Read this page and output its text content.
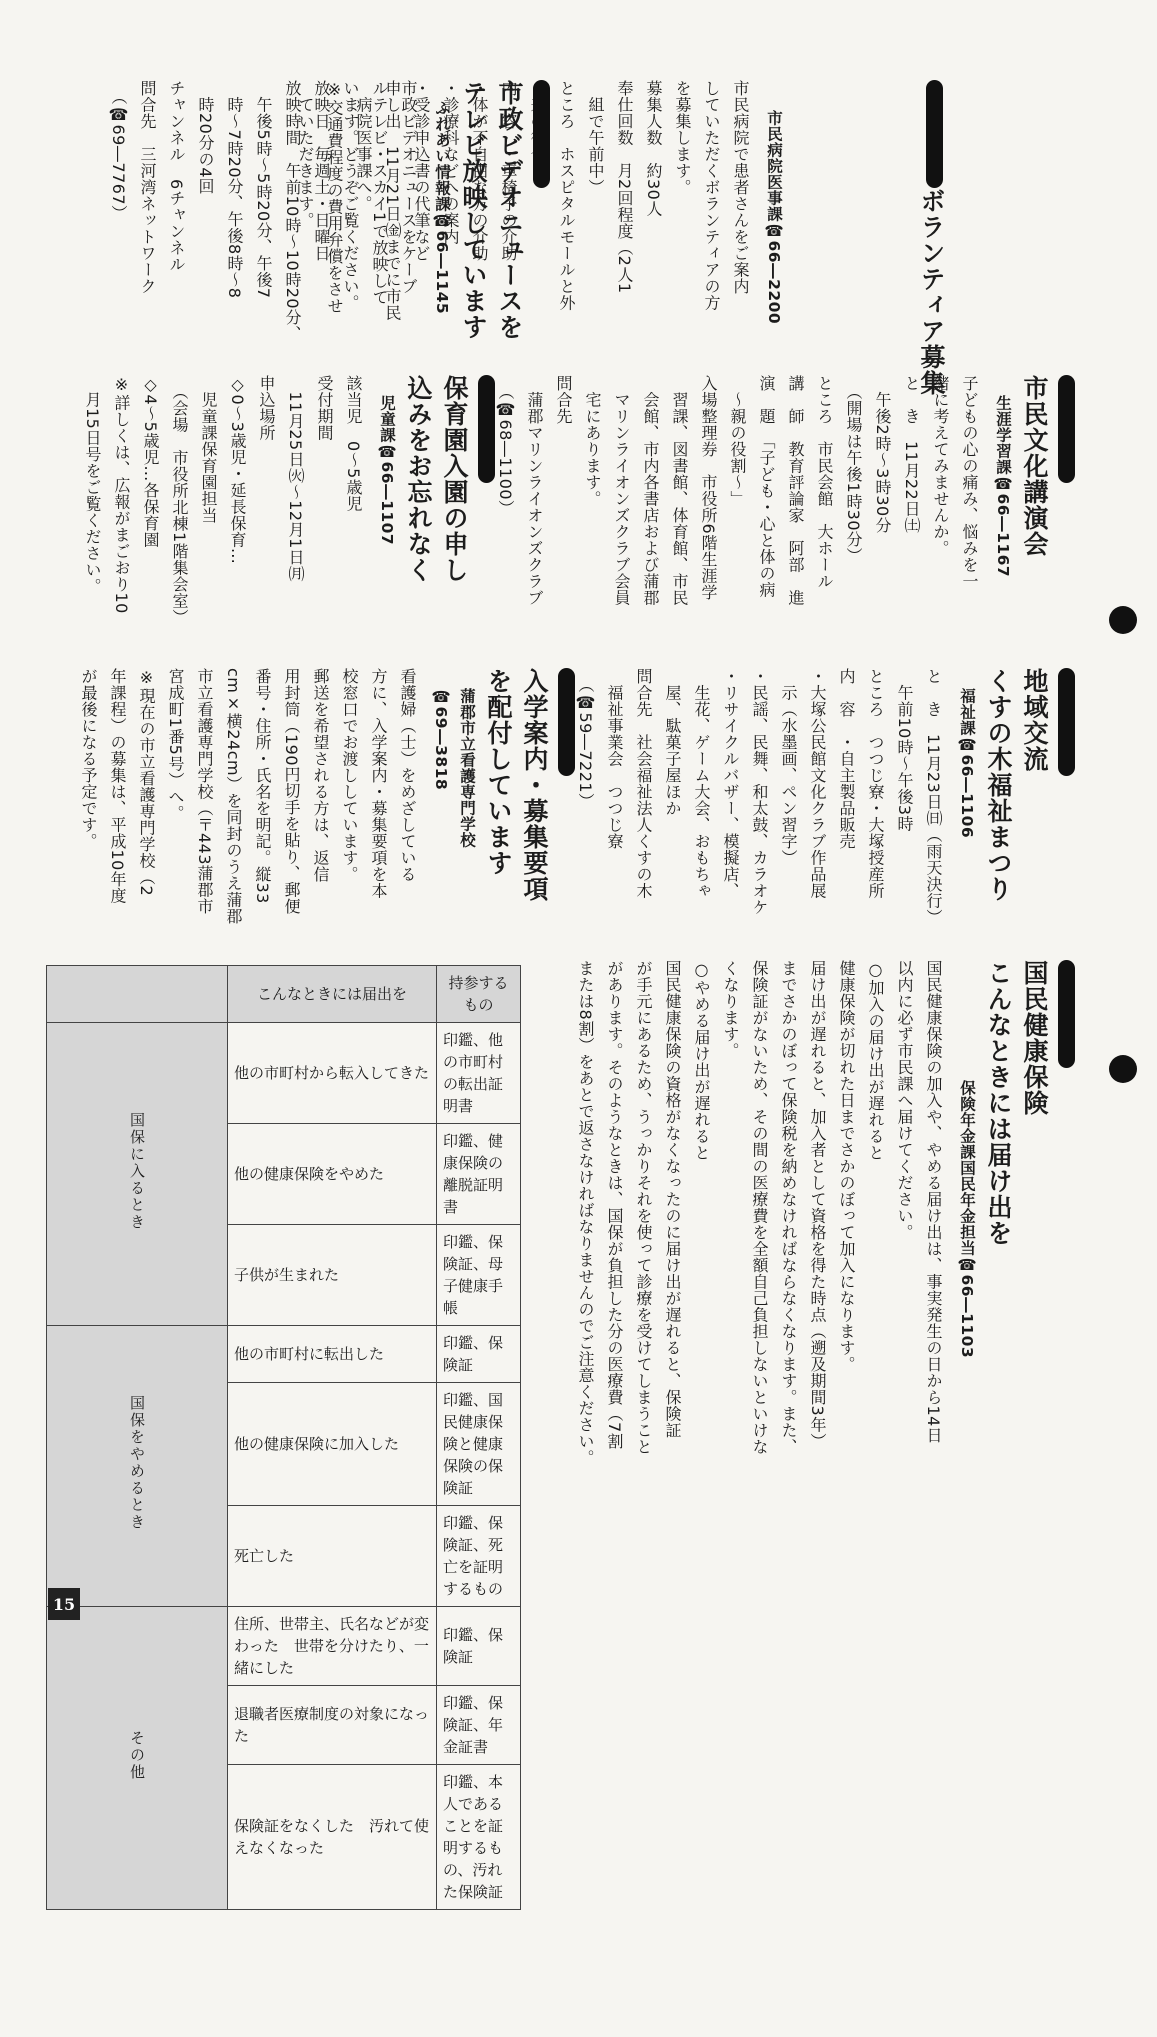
ボランティア募集
市民病院医事課☎66―2200
市民病院で患者さんをご案内
していただくボランティアの方
を募集します。
募集人数　約30人
奉仕回数　月2回程度（2人1
　組で午前中）
ところ　ホスピタルモールと外
内　容　・車椅子の介助
・体が不自由な方の介助
・診療科などへの案内
・受診申込書の代筆など
申し出　11月21日㈮までに市民
　病院医事課へ。
※交通費程度の費用弁償をさせ
　ていただきます。	市政ビデオニュースを
テレビ放映しています
ふれあい情報課☎66―1145
市政ビデオニュースをケーブ
ルテレビ・スカイ1で放映して
います。どうぞご覧ください。
放映日　毎週土・日曜日
放映時間　午前10時～10時20分、
　午後5時～5時20分、午後7
　時～7時20分、午後8時～8
　時20分の4回
チャンネル　6チャンネル
問合先　三河湾ネットワーク
　（☎69―7767）
市民文化講演会
生涯学習課☎66―1167
子どもの心の痛み、悩みを一
緒に考えてみませんか。
と　き　11月22日㈯
　午後2時～3時30分
　（開場は午後1時30分）
ところ　市民会館　大ホール
講　師　教育評論家　阿部　進
演　題　「子ども・心と体の病
　～親の役割～」
入場整理券　市役所6階生涯学
　習課、図書館、体育館、市民
　会館、市内各書店および蒲郡
　マリンライオンズクラブ会員
　宅にあります。
問合先
　蒲郡マリンライオンズクラブ
　（☎68―1100）
保育園入園の申し
込みをお忘れなく
児童課☎66―1107
該当児　0～5歳児
受付期間
　11月25日㈫～12月1日㈪
申込場所
◇0～3歳児・延長保育…
　児童課保育園担当
　（会場　市役所北棟1階集会室）
◇4～5歳児…各保育園
※詳しくは、広報がまごおり10
　月15日号をご覧ください。
地域交流
くすの木福祉まつり
福祉課☎66―1106
と　き　11月23日㈰（雨天決行）
　午前10時～午後3時
ところ　つつじ寮・大塚授産所
内　容　・自主製品販売
・大塚公民館文化クラブ作品展
　示（水墨画、ペン習字）
・民謡、民舞、和太鼓、カラオケ
・リサイクルバザー、模擬店、
　生花、ゲーム大会、おもちゃ
　屋、駄菓子屋ほか
問合先　社会福祉法人くすの木
　福祉事業会　つつじ寮
　（☎59―7221）
入学案内・募集要項
を配付しています
蒲郡市立看護専門学校
☎69―3818
看護婦（士）をめざしている
方に、入学案内・募集要項を本
校窓口でお渡ししています。
郵送を希望される方は、返信
用封筒（190円切手を貼り、郵便
番号・住所・氏名を明記。縦33
cm×横24cm）を同封のうえ蒲郡
市立看護専門学校（〒443蒲郡市
宮成町1番5号）へ。
※現在の市立看護専門学校（2
年課程）の募集は、平成10年度
が最後になる予定です。
国民健康保険
こんなときには届け出を
保険年金課国民年金担当☎66―1103
国民健康保険の加入や、やめる届け出は、事実発生の日から14日
以内に必ず市民課へ届けてください。
○加入の届け出が遅れると
健康保険が切れた日までさかのぼって加入になります。
届け出が遅れると、加入者として資格を得た時点（遡及期間3年）
までさかのぼって保険税を納めなければならなくなります。また、
保険証がないため、その間の医療費を全額自己負担しないといけな
くなります。
○やめる届け出が遅れると
国民健康保険の資格がなくなったのに届け出が遅れると、保険証
が手元にあるため、うっかりそれを使って診療を受けてしまうこと
があります。そのようなときは、国保が負担した分の医療費（7割
または8割）をあとで返さなければなりませんのでご注意ください。
	こんなときには届出を	持参するもの
国保に入るとき	他の市町村から転入してきた	印鑑、他の市町村の転出証明書
	他の健康保険をやめた	印鑑、健康保険の離脱証明書
	子供が生まれた	印鑑、保険証、母子健康手帳
国保をやめるとき	他の市町村に転出した	印鑑、保険証
	他の健康保険に加入した	印鑑、国民健康保険と健康保険の保険証
	死亡した	印鑑、保険証、死亡を証明するもの
その他	住所、世帯主、氏名などが変わった　世帯を分けたり、一緒にした	印鑑、保険証
	退職者医療制度の対象になった	印鑑、保険証、年金証書
	保険証をなくした　汚れて使えなくなった	印鑑、本人であることを証明するもの、汚れた保険証
15
